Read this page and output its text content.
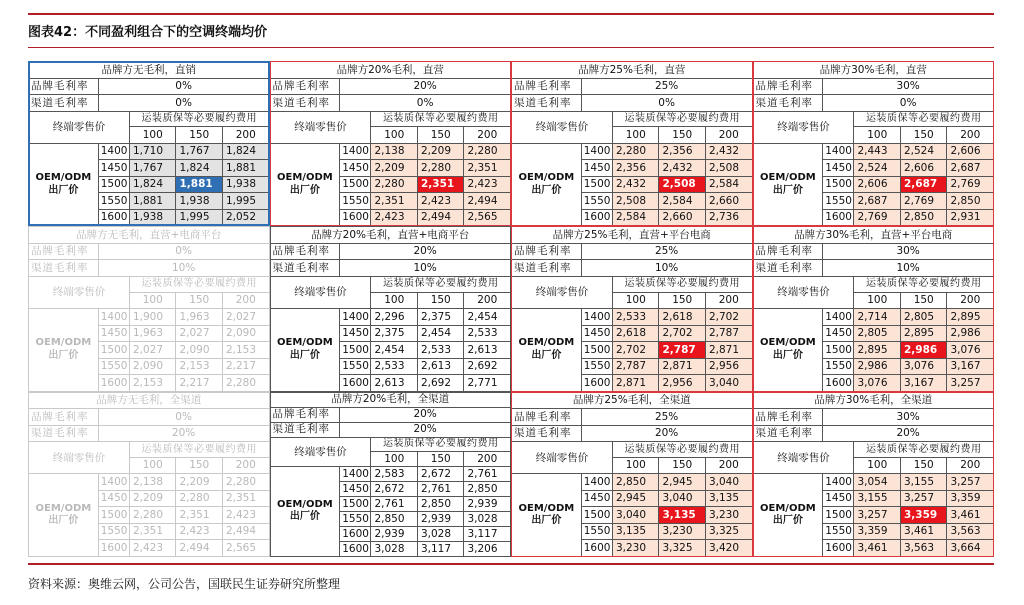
图表42：不同盈利组合下的空调终端均价
品牌方无毛利，直销				
品牌毛利率	0%			
渠道毛利率	0%			
终端零售价		运装质保等必要履约费用		
		100	150	200
OEM/ODM
出厂价	1400	1,710	1,767	1,824
	1450	1,767	1,824	1,881
	1500	1,824	1,881	1,938
	1550	1,881	1,938	1,995
	1600	1,938	1,995	2,052
品牌方20%毛利，直营				
品牌毛利率	20%			
渠道毛利率	0%			
终端零售价		运装质保等必要履约费用		
		100	150	200
OEM/ODM
出厂价	1400	2,138	2,209	2,280
	1450	2,209	2,280	2,351
	1500	2,280	2,351	2,423
	1550	2,351	2,423	2,494
	1600	2,423	2,494	2,565
品牌方25%毛利，直营				
品牌毛利率	25%			
渠道毛利率	0%			
终端零售价		运装质保等必要履约费用		
		100	150	200
OEM/ODM
出厂价	1400	2,280	2,356	2,432
	1450	2,356	2,432	2,508
	1500	2,432	2,508	2,584
	1550	2,508	2,584	2,660
	1600	2,584	2,660	2,736
品牌方30%毛利，直营				
品牌毛利率	30%			
渠道毛利率	0%			
终端零售价		运装质保等必要履约费用		
		100	150	200
OEM/ODM
出厂价	1400	2,443	2,524	2,606
	1450	2,524	2,606	2,687
	1500	2,606	2,687	2,769
	1550	2,687	2,769	2,850
	1600	2,769	2,850	2,931
品牌方无毛利，直营+电商平台				
品牌毛利率	0%			
渠道毛利率	10%			
终端零售价		运装质保等必要履约费用		
		100	150	200
OEM/ODM
出厂价	1400	1,900	1,963	2,027
	1450	1,963	2,027	2,090
	1500	2,027	2,090	2,153
	1550	2,090	2,153	2,217
	1600	2,153	2,217	2,280
品牌方20%毛利，直营+电商平台				
品牌毛利率	20%			
渠道毛利率	10%			
终端零售价		运装质保等必要履约费用		
		100	150	200
OEM/ODM
出厂价	1400	2,296	2,375	2,454
	1450	2,375	2,454	2,533
	1500	2,454	2,533	2,613
	1550	2,533	2,613	2,692
	1600	2,613	2,692	2,771
品牌方25%毛利，直营+平台电商				
品牌毛利率	25%			
渠道毛利率	10%			
终端零售价		运装质保等必要履约费用		
		100	150	200
OEM/ODM
出厂价	1400	2,533	2,618	2,702
	1450	2,618	2,702	2,787
	1500	2,702	2,787	2,871
	1550	2,787	2,871	2,956
	1600	2,871	2,956	3,040
品牌方30%毛利，直营+平台电商				
品牌毛利率	30%			
渠道毛利率	10%			
终端零售价		运装质保等必要履约费用		
		100	150	200
OEM/ODM
出厂价	1400	2,714	2,805	2,895
	1450	2,805	2,895	2,986
	1500	2,895	2,986	3,076
	1550	2,986	3,076	3,167
	1600	3,076	3,167	3,257
品牌方无毛利，全渠道				
品牌毛利率	0%			
渠道毛利率	20%			
终端零售价		运装质保等必要履约费用		
		100	150	200
OEM/ODM
出厂价	1400	2,138	2,209	2,280
	1450	2,209	2,280	2,351
	1500	2,280	2,351	2,423
	1550	2,351	2,423	2,494
	1600	2,423	2,494	2,565
品牌方20%毛利，全渠道				
品牌毛利率	20%			
渠道毛利率	20%			
终端零售价		运装质保等必要履约费用		
		100	150	200
OEM/ODM
出厂价	1400	2,583	2,672	2,761
	1450	2,672	2,761	2,850
	1500	2,761	2,850	2,939
	1550	2,850	2,939	3,028
	1600	2,939	3,028	3,117
	1600	3,028	3,117	3,206
品牌方25%毛利，全渠道				
品牌毛利率	25%			
渠道毛利率	20%			
终端零售价		运装质保等必要履约费用		
		100	150	200
OEM/ODM
出厂价	1400	2,850	2,945	3,040
	1450	2,945	3,040	3,135
	1500	3,040	3,135	3,230
	1550	3,135	3,230	3,325
	1600	3,230	3,325	3,420
品牌方30%毛利，全渠道				
品牌毛利率	30%			
渠道毛利率	20%			
终端零售价		运装质保等必要履约费用		
		100	150	200
OEM/ODM
出厂价	1400	3,054	3,155	3,257
	1450	3,155	3,257	3,359
	1500	3,257	3,359	3,461
	1550	3,359	3,461	3,563
	1600	3,461	3,563	3,664
资料来源：奥维云网，公司公告，国联民生证券研究所整理
